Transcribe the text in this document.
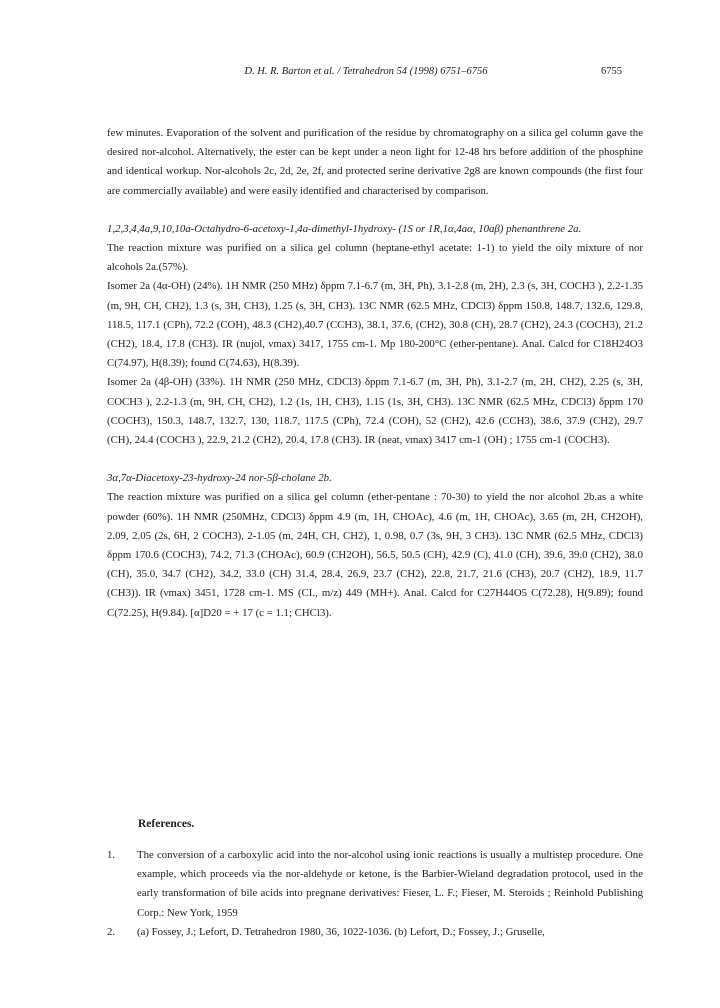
D. H. R. Barton et al. / Tetrahedron 54 (1998) 6751–6756	6755

few minutes. Evaporation of the solvent and purification of the residue by chromatography on a silica gel column gave the desired nor-alcohol. Alternatively, the ester can be kept under a neon light for 12-48 hrs before addition of the phosphine and identical workup. Nor-alcohols 2c, 2d, 2e, 2f, and protected serine derivative 2g8 are known compounds (the first four are commercially available) and were easily identified and characterised by comparison.

1,2,3,4,4a,9,10,10a-Octahydro-6-acetoxy-1,4a-dimethyl-1hydroxy- (1S or 1R,1α,4aα, 10aβ) phenanthrene 2a.

The reaction mixture was purified on a silica gel column (heptane-ethyl acetate: 1-1) to yield the oily mixture of nor alcohols 2a.(57%).

Isomer 2a (4α-OH) (24%). 1H NMR (250 MHz) δppm 7.1-6.7 (m, 3H, Ph), 3.1-2.8 (m, 2H), 2.3 (s, 3H, COCH3 ), 2.2-1.35 (m, 9H, CH, CH2), 1.3 (s, 3H, CH3), 1.25 (s, 3H, CH3). 13C NMR (62.5 MHz, CDCl3) δppm 150.8, 148.7, 132.6, 129.8, 118.5, 117.1 (CPh), 72.2 (COH), 48.3 (CH2),40.7 (CCH3), 38.1, 37.6, (CH2), 30.8 (CH), 28.7 (CH2), 24.3 (COCH3), 21.2 (CH2), 18.4, 17.8 (CH3). IR (nujol, νmax) 3417, 1755 cm-1. Mp 180-200°C (ether-pentane). Anal. Calcd for C18H24O3 C(74.97), H(8.39); found C(74.63), H(8.39).

Isomer 2a (4β-OH) (33%). 1H NMR (250 MHz, CDCl3) δppm 7.1-6.7 (m, 3H, Ph), 3.1-2.7 (m, 2H, CH2), 2.25 (s, 3H, COCH3 ), 2.2-1.3 (m, 9H, CH, CH2), 1.2 (1s, 1H, CH3), 1.15 (1s, 3H, CH3). 13C NMR (62.5 MHz, CDCl3) δppm 170 (COCH3), 150.3, 148.7, 132.7, 130, 118.7, 117.5 (CPh), 72.4 (COH), 52 (CH2), 42.6 (CCH3), 38.6, 37.9 (CH2), 29.7 (CH), 24.4 (COCH3 ), 22.9, 21.2 (CH2), 20.4, 17.8 (CH3). IR (neat, νmax) 3417 cm-1 (OH) ; 1755 cm-1 (COCH3).

3α,7α-Diacetoxy-23-hydroxy-24 nor-5β-cholane 2b.

The reaction mixture was purified on a silica gel column (ether-pentane : 70-30) to yield the nor alcohol 2b.as a white powder (60%). 1H NMR (250MHz, CDCl3) δppm 4.9 (m, 1H, CHOAc), 4.6 (m, 1H, CHOAc), 3.65 (m, 2H, CH2OH), 2.09, 2.05 (2s, 6H, 2 COCH3), 2-1.05 (m, 24H, CH, CH2), 1, 0.98, 0.7 (3s, 9H, 3 CH3). 13C NMR (62.5 MHz, CDCl3) δppm 170.6 (COCH3), 74.2, 71.3 (CHOAc), 60.9 (CH2OH), 56.5, 50.5 (CH), 42.9 (C), 41.0 (CH), 39.6, 39.0 (CH2), 38.0 (CH), 35.0, 34.7 (CH2), 34.2, 33.0 (CH) 31.4, 28.4, 26.9, 23.7 (CH2), 22.8, 21.7, 21.6 (CH3), 20.7 (CH2), 18.9, 11.7 (CH3)). IR (νmax) 3451, 1728 cm-1. MS (CI., m/z) 449 (MH+). Anal. Calcd for C27H44O5 C(72.28), H(9.89); found C(72.25), H(9.84). [α]D20 = + 17 (c = 1.1; CHCl3).

References.
1.	The conversion of a carboxylic acid into the nor-alcohol using ionic reactions is usually a multistep procedure. One example, which proceeds via the nor-aldehyde or ketone, is the Barbier-Wieland degradation protocol, used in the early transformation of bile acids into pregnane derivatives: Fieser, L. F.; Fieser, M. Steroids ; Reinhold Publishing Corp.: New York, 1959
2.	(a) Fossey, J.; Lefort, D. Tetrahedron 1980, 36, 1022-1036. (b) Lefort, D.; Fossey, J.; Gruselle,
